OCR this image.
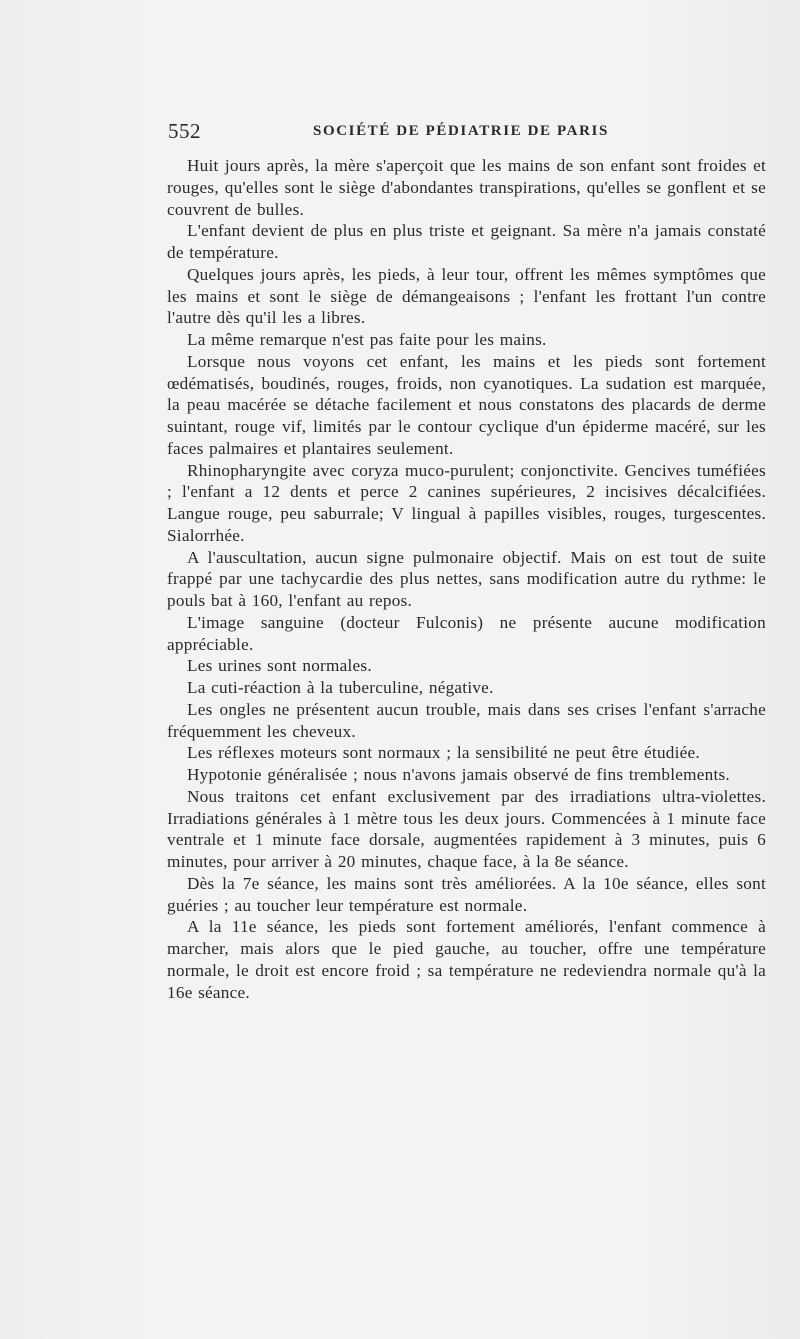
552	SOCIÉTÉ DE PÉDIATRIE DE PARIS

Huit jours après, la mère s'aperçoit que les mains de son enfant sont froides et rouges, qu'elles sont le siège d'abondantes transpirations, qu'elles se gonflent et se couvrent de bulles.

L'enfant devient de plus en plus triste et geignant. Sa mère n'a jamais constaté de température.

Quelques jours après, les pieds, à leur tour, offrent les mêmes symptômes que les mains et sont le siège de démangeaisons ; l'enfant les frottant l'un contre l'autre dès qu'il les a libres.

La même remarque n'est pas faite pour les mains.

Lorsque nous voyons cet enfant, les mains et les pieds sont fortement œdématisés, boudinés, rouges, froids, non cyanotiques. La sudation est marquée, la peau macérée se détache facilement et nous constatons des placards de derme suintant, rouge vif, limités par le contour cyclique d'un épiderme macéré, sur les faces palmaires et plantaires seulement.

Rhinopharyngite avec coryza muco-purulent; conjonctivite. Gencives tuméfiées ; l'enfant a 12 dents et perce 2 canines supérieures, 2 incisives décalcifiées. Langue rouge, peu saburrale; V lingual à papilles visibles, rouges, turgescentes. Sialorrhée.

A l'auscultation, aucun signe pulmonaire objectif. Mais on est tout de suite frappé par une tachycardie des plus nettes, sans modification autre du rythme: le pouls bat à 160, l'enfant au repos.

L'image sanguine (docteur Fulconis) ne présente aucune modification appréciable.

Les urines sont normales.

La cuti-réaction à la tuberculine, négative.

Les ongles ne présentent aucun trouble, mais dans ses crises l'enfant s'arrache fréquemment les cheveux.

Les réflexes moteurs sont normaux ; la sensibilité ne peut être étudiée.

Hypotonie généralisée ; nous n'avons jamais observé de fins tremblements.

Nous traitons cet enfant exclusivement par des irradiations ultra-violettes. Irradiations générales à 1 mètre tous les deux jours. Commencées à 1 minute face ventrale et 1 minute face dorsale, augmentées rapidement à 3 minutes, puis 6 minutes, pour arriver à 20 minutes, chaque face, à la 8e séance.

Dès la 7e séance, les mains sont très améliorées. A la 10e séance, elles sont guéries ; au toucher leur température est normale.

A la 11e séance, les pieds sont fortement améliorés, l'enfant commence à marcher, mais alors que le pied gauche, au toucher, offre une température normale, le droit est encore froid ; sa température ne redeviendra normale qu'à la 16e séance.
